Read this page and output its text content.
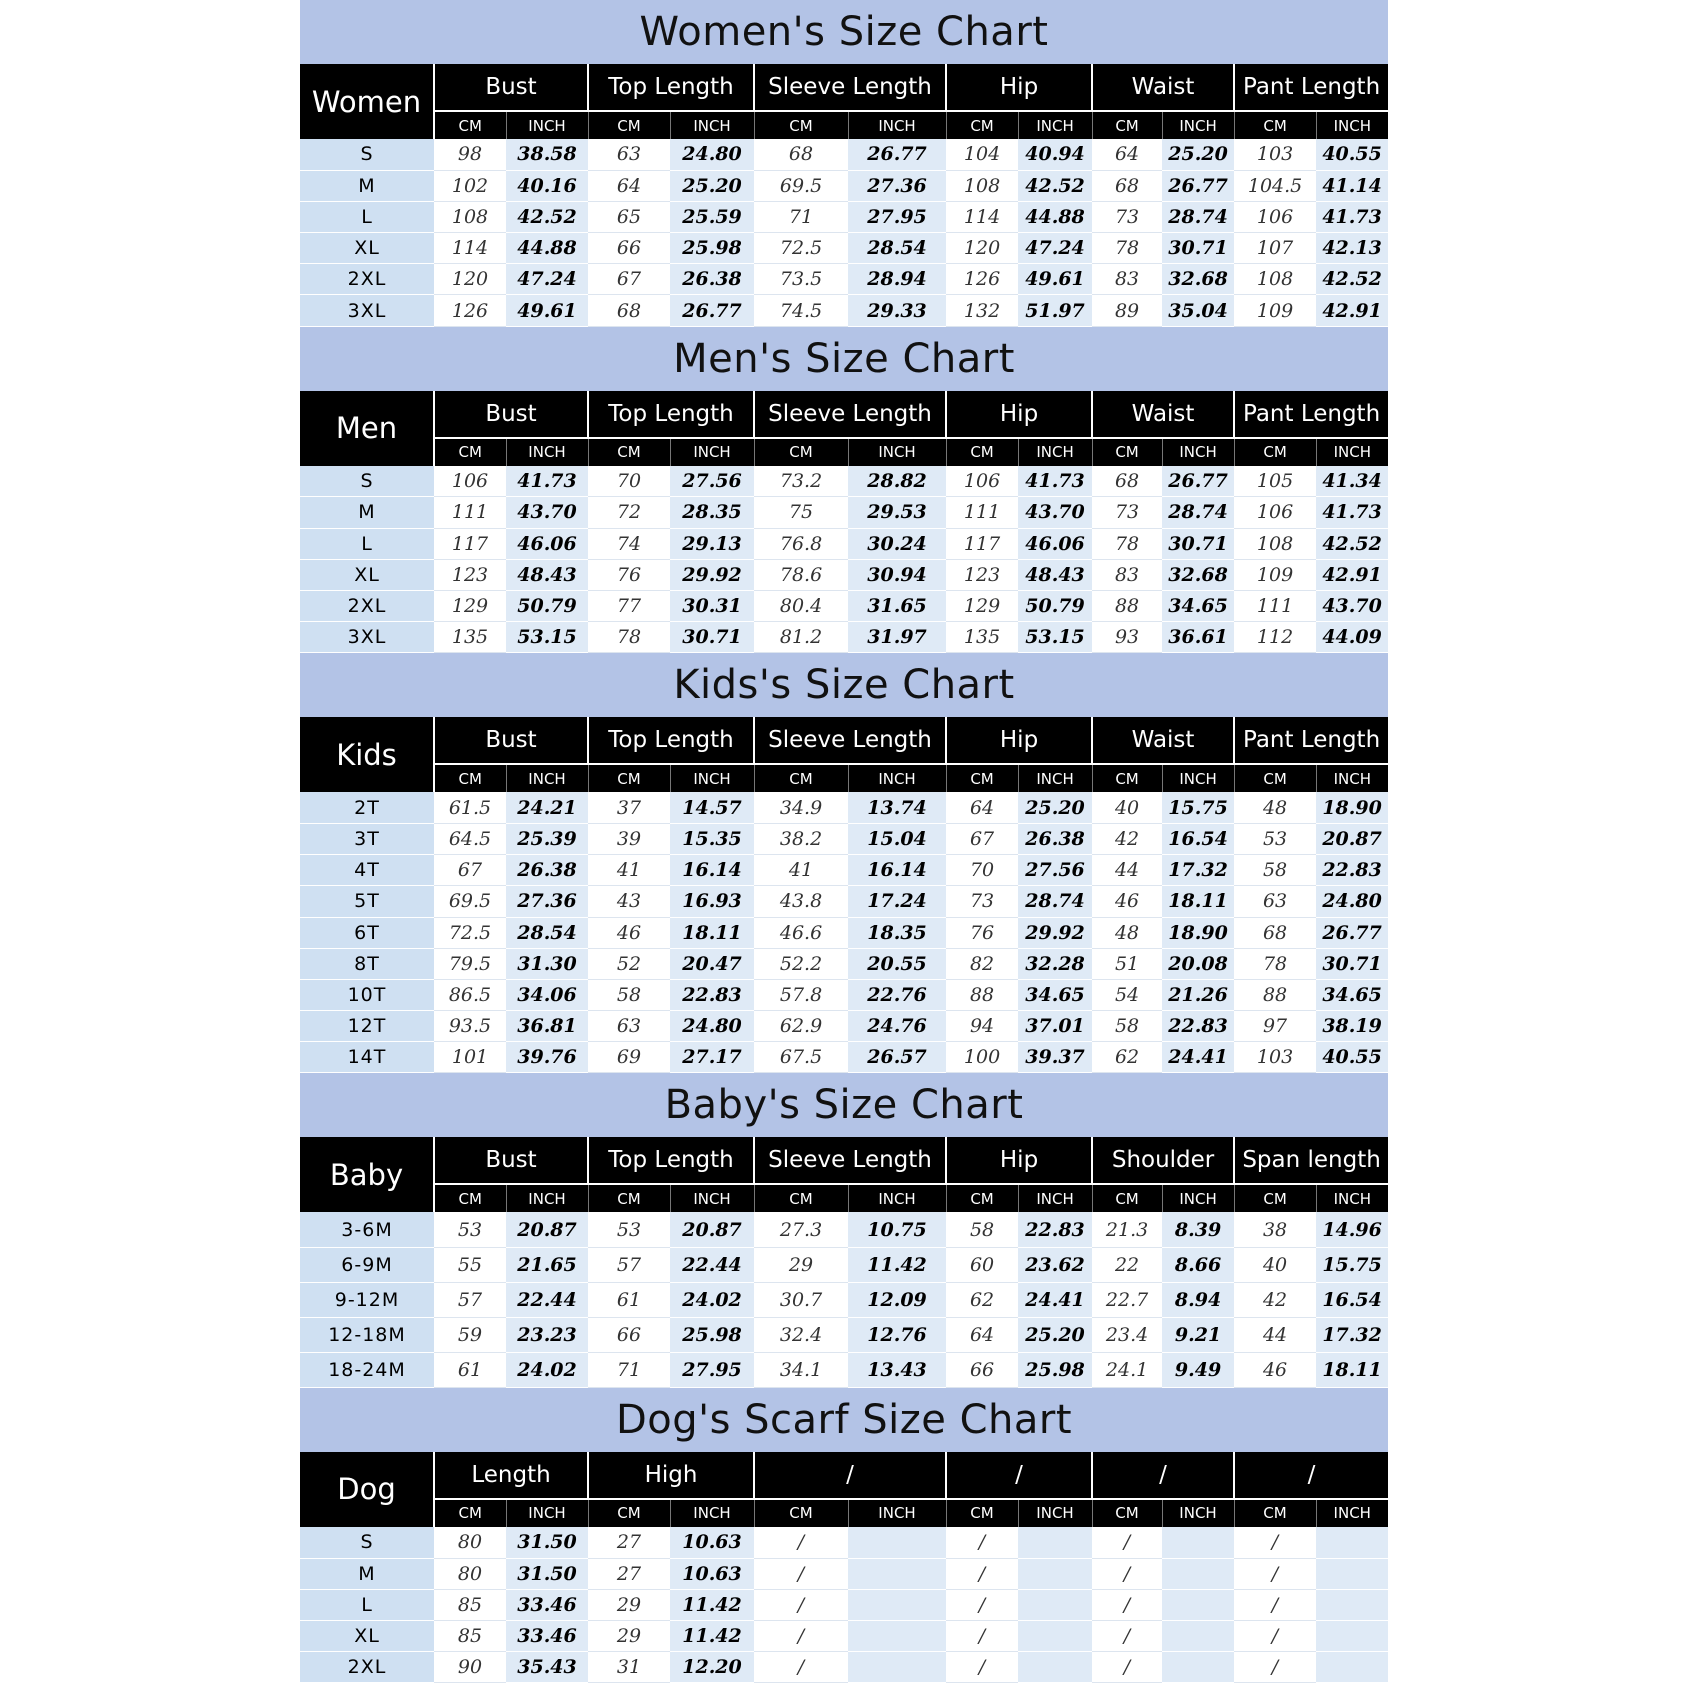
Women's Size Chart
Women	Bust		Top Length		Sleeve Length		Hip		Waist		Pant Length	
	CM	INCH	CM	INCH	CM	INCH	CM	INCH	CM	INCH	CM	INCH
S	98	38.58	63	24.80	68	26.77	104	40.94	64	25.20	103	40.55
M	102	40.16	64	25.20	69.5	27.36	108	42.52	68	26.77	104.5	41.14
L	108	42.52	65	25.59	71	27.95	114	44.88	73	28.74	106	41.73
XL	114	44.88	66	25.98	72.5	28.54	120	47.24	78	30.71	107	42.13
2XL	120	47.24	67	26.38	73.5	28.94	126	49.61	83	32.68	108	42.52
3XL	126	49.61	68	26.77	74.5	29.33	132	51.97	89	35.04	109	42.91
Men's Size Chart
Men	Bust		Top Length		Sleeve Length		Hip		Waist		Pant Length	
	CM	INCH	CM	INCH	CM	INCH	CM	INCH	CM	INCH	CM	INCH
S	106	41.73	70	27.56	73.2	28.82	106	41.73	68	26.77	105	41.34
M	111	43.70	72	28.35	75	29.53	111	43.70	73	28.74	106	41.73
L	117	46.06	74	29.13	76.8	30.24	117	46.06	78	30.71	108	42.52
XL	123	48.43	76	29.92	78.6	30.94	123	48.43	83	32.68	109	42.91
2XL	129	50.79	77	30.31	80.4	31.65	129	50.79	88	34.65	111	43.70
3XL	135	53.15	78	30.71	81.2	31.97	135	53.15	93	36.61	112	44.09
Kids's Size Chart
Kids	Bust		Top Length		Sleeve Length		Hip		Waist		Pant Length	
	CM	INCH	CM	INCH	CM	INCH	CM	INCH	CM	INCH	CM	INCH
2T	61.5	24.21	37	14.57	34.9	13.74	64	25.20	40	15.75	48	18.90
3T	64.5	25.39	39	15.35	38.2	15.04	67	26.38	42	16.54	53	20.87
4T	67	26.38	41	16.14	41	16.14	70	27.56	44	17.32	58	22.83
5T	69.5	27.36	43	16.93	43.8	17.24	73	28.74	46	18.11	63	24.80
6T	72.5	28.54	46	18.11	46.6	18.35	76	29.92	48	18.90	68	26.77
8T	79.5	31.30	52	20.47	52.2	20.55	82	32.28	51	20.08	78	30.71
10T	86.5	34.06	58	22.83	57.8	22.76	88	34.65	54	21.26	88	34.65
12T	93.5	36.81	63	24.80	62.9	24.76	94	37.01	58	22.83	97	38.19
14T	101	39.76	69	27.17	67.5	26.57	100	39.37	62	24.41	103	40.55
Baby's Size Chart
Baby	Bust		Top Length		Sleeve Length		Hip		Shoulder		Span length	
	CM	INCH	CM	INCH	CM	INCH	CM	INCH	CM	INCH	CM	INCH
3-6M	53	20.87	53	20.87	27.3	10.75	58	22.83	21.3	8.39	38	14.96
6-9M	55	21.65	57	22.44	29	11.42	60	23.62	22	8.66	40	15.75
9-12M	57	22.44	61	24.02	30.7	12.09	62	24.41	22.7	8.94	42	16.54
12-18M	59	23.23	66	25.98	32.4	12.76	64	25.20	23.4	9.21	44	17.32
18-24M	61	24.02	71	27.95	34.1	13.43	66	25.98	24.1	9.49	46	18.11
Dog's Scarf Size Chart
Dog	Length		High		/		/		/		/	
	CM	INCH	CM	INCH	CM	INCH	CM	INCH	CM	INCH	CM	INCH
S	80	31.50	27	10.63	/		/		/		/	
M	80	31.50	27	10.63	/		/		/		/	
L	85	33.46	29	11.42	/		/		/		/	
XL	85	33.46	29	11.42	/		/		/		/	
2XL	90	35.43	31	12.20	/		/		/		/	
